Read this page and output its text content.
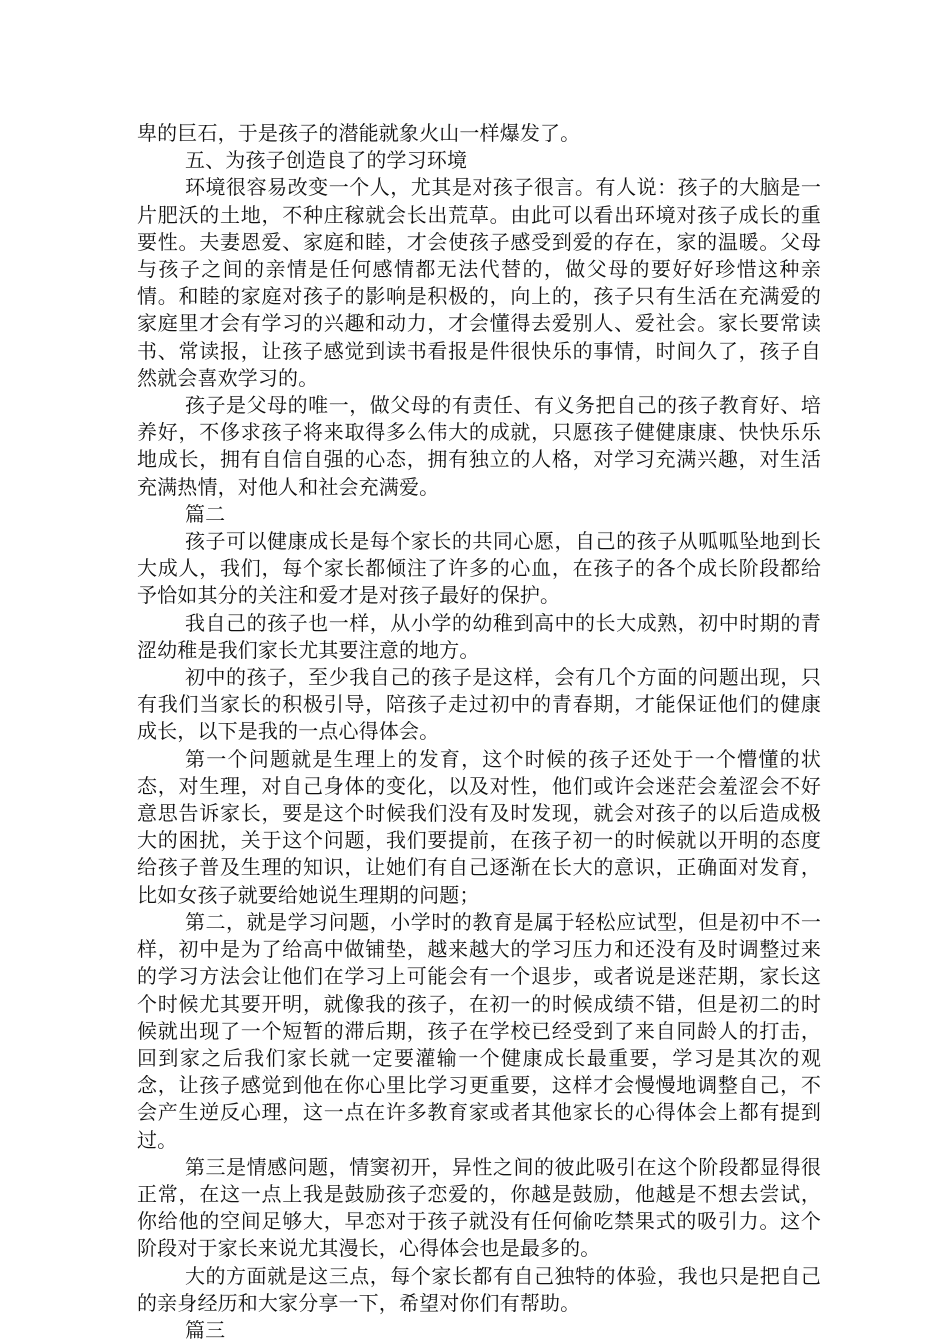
卑的巨石，于是孩子的潜能就象火山一样爆发了。

五、为孩子创造良了的学习环境

环境很容易改变一个人，尤其是对孩子很言。有人说：孩子的大脑是一片肥沃的土地，不种庄稼就会长出荒草。由此可以看出环境对孩子成长的重要性。夫妻恩爱、家庭和睦，才会使孩子感受到爱的存在，家的温暖。父母与孩子之间的亲情是任何感情都无法代替的，做父母的要好好珍惜这种亲情。和睦的家庭对孩子的影响是积极的，向上的，孩子只有生活在充满爱的家庭里才会有学习的兴趣和动力，才会懂得去爱别人、爱社会。家长要常读书、常读报，让孩子感觉到读书看报是件很快乐的事情，时间久了，孩子自然就会喜欢学习的。

孩子是父母的唯一，做父母的有责任、有义务把自己的孩子教育好、培养好，不侈求孩子将来取得多么伟大的成就，只愿孩子健健康康、快快乐乐地成长，拥有自信自强的心态，拥有独立的人格，对学习充满兴趣，对生活充满热情，对他人和社会充满爱。

篇二

孩子可以健康成长是每个家长的共同心愿，自己的孩子从呱呱坠地到长大成人，我们，每个家长都倾注了许多的心血，在孩子的各个成长阶段都给予恰如其分的关注和爱才是对孩子最好的保护。

我自己的孩子也一样，从小学的幼稚到高中的长大成熟，初中时期的青涩幼稚是我们家长尤其要注意的地方。

初中的孩子，至少我自己的孩子是这样，会有几个方面的问题出现，只有我们当家长的积极引导，陪孩子走过初中的青春期，才能保证他们的健康成长，以下是我的一点心得体会。

第一个问题就是生理上的发育，这个时候的孩子还处于一个懵懂的状态，对生理，对自己身体的变化，以及对性，他们或许会迷茫会羞涩会不好意思告诉家长，要是这个时候我们没有及时发现，就会对孩子的以后造成极大的困扰，关于这个问题，我们要提前，在孩子初一的时候就以开明的态度给孩子普及生理的知识，让她们有自己逐渐在长大的意识，正确面对发育，比如女孩子就要给她说生理期的问题；

第二，就是学习问题，小学时的教育是属于轻松应试型，但是初中不一样，初中是为了给高中做铺垫，越来越大的学习压力和还没有及时调整过来的学习方法会让他们在学习上可能会有一个退步，或者说是迷茫期，家长这个时候尤其要开明，就像我的孩子，在初一的时候成绩不错，但是初二的时候就出现了一个短暂的滞后期，孩子在学校已经受到了来自同龄人的打击，回到家之后我们家长就一定要灌输一个健康成长最重要，学习是其次的观念，让孩子感觉到他在你心里比学习更重要，这样才会慢慢地调整自己，不会产生逆反心理，这一点在许多教育家或者其他家长的心得体会上都有提到过。

第三是情感问题，情窦初开，异性之间的彼此吸引在这个阶段都显得很正常，在这一点上我是鼓励孩子恋爱的，你越是鼓励，他越是不想去尝试，你给他的空间足够大，早恋对于孩子就没有任何偷吃禁果式的吸引力。这个阶段对于家长来说尤其漫长，心得体会也是最多的。

大的方面就是这三点，每个家长都有自己独特的体验，我也只是把自己的亲身经历和大家分享一下，希望对你们有帮助。

篇三
